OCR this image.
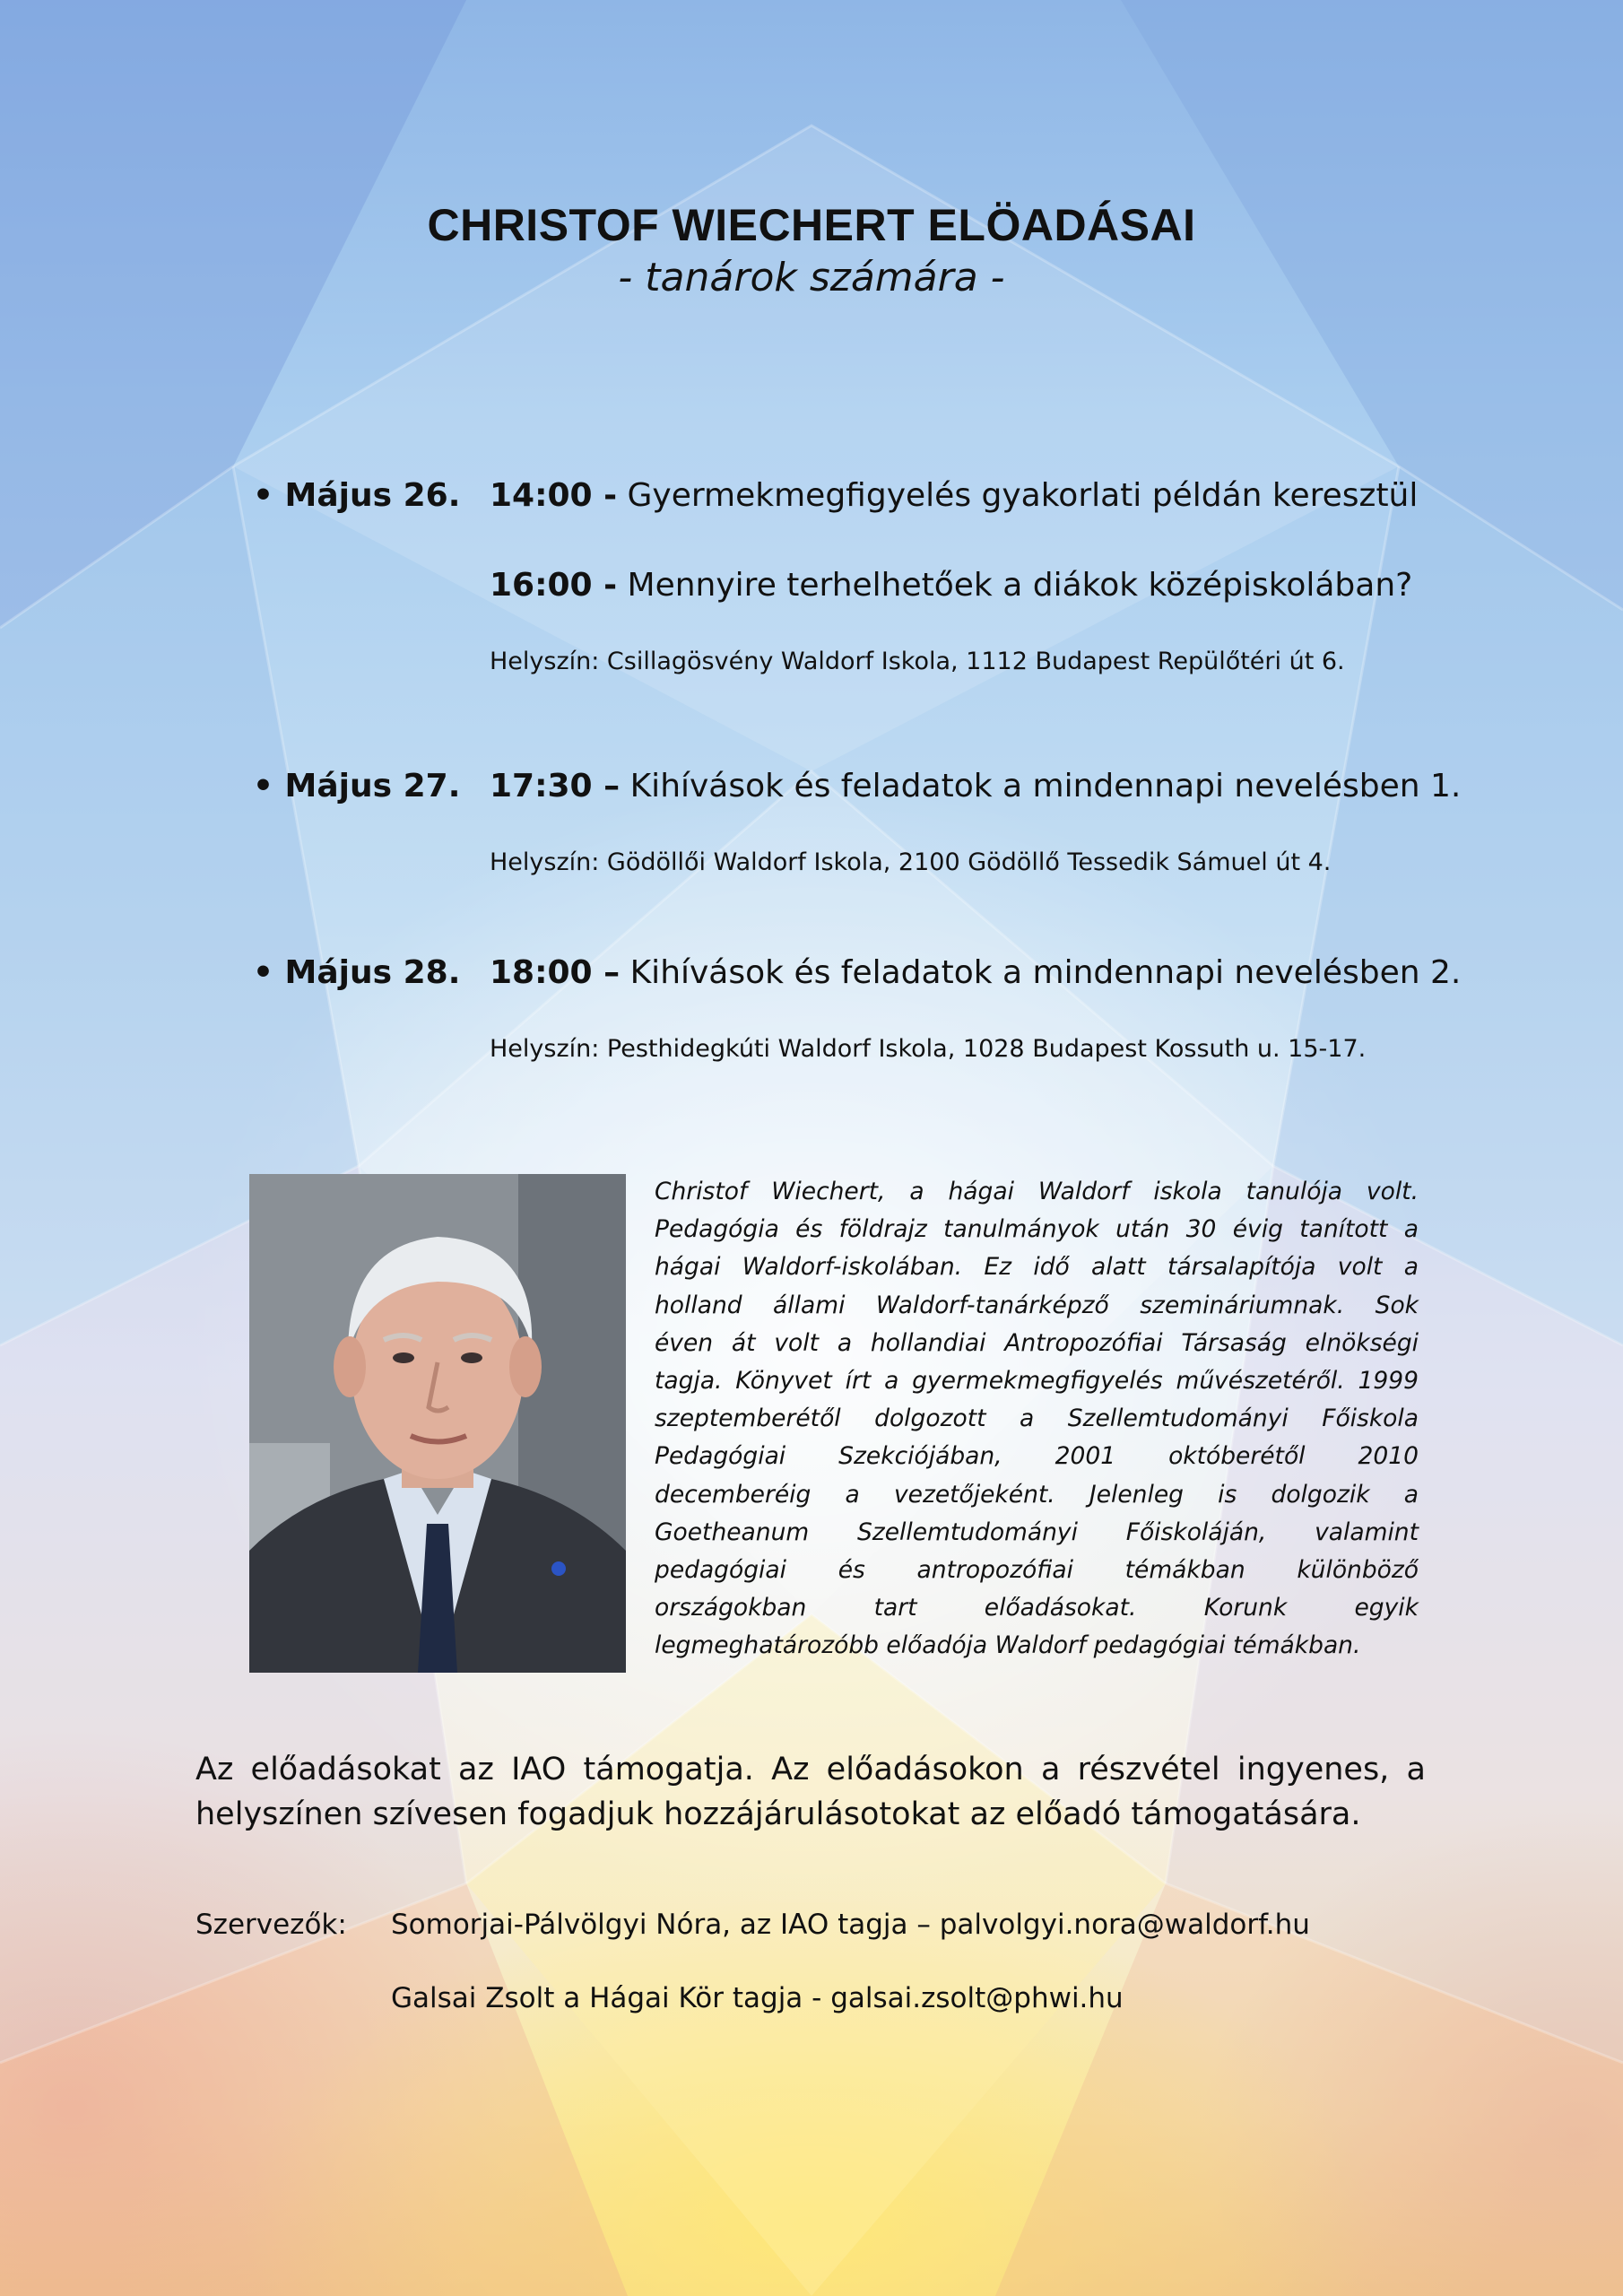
CHRISTOF WIECHERT ELÖADÁSAI
- tanárok számára -
• Május 26. 14:00 - Gyermekmegfigyelés gyakorlati példán keresztül
16:00 - Mennyire terhelhetőek a diákok középiskolában?
Helyszín: Csillagösvény Waldorf Iskola, 1112 Budapest Repülőtéri út 6.
• Május 27. 17:30 – Kihívások és feladatok a mindennapi nevelésben 1.
Helyszín: Gödöllői Waldorf Iskola, 2100 Gödöllő Tessedik Sámuel út 4.
• Május 28. 18:00 – Kihívások és feladatok a mindennapi nevelésben 2.
Helyszín: Pesthidegkúti Waldorf Iskola, 1028 Budapest Kossuth u. 15-17.
Christof Wiechert, a hágai Waldorf iskola tanulója volt.
Pedagógia és földrajz tanulmányok után 30 évig tanított a
hágai Waldorf-iskolában. Ez idő alatt társalapítója volt a
holland állami Waldorf-tanárképző szemináriumnak. Sok
éven át volt a hollandiai Antropozófiai Társaság elnökségi
tagja. Könyvet írt a gyermekmegfigyelés művészetéről. 1999
szeptemberétől dolgozott a Szellemtudományi Főiskola
Pedagógiai Szekciójában, 2001 októberétől 2010
decemberéig a vezetőjeként. Jelenleg is dolgozik a
Goetheanum Szellemtudományi Főiskoláján, valamint
pedagógiai és antropozófiai témákban különböző
országokban tart előadásokat. Korunk egyik
legmeghatározóbb előadója Waldorf pedagógiai témákban.
Az előadásokat az IAO támogatja. Az előadásokon a részvétel ingyenes, a
helyszínen szívesen fogadjuk hozzájárulásotokat az előadó támogatására.
Szervezők: Somorjai-Pálvölgyi Nóra, az IAO tagja – palvolgyi.nora@waldorf.hu
Galsai Zsolt a Hágai Kör tagja - galsai.zsolt@phwi.hu
